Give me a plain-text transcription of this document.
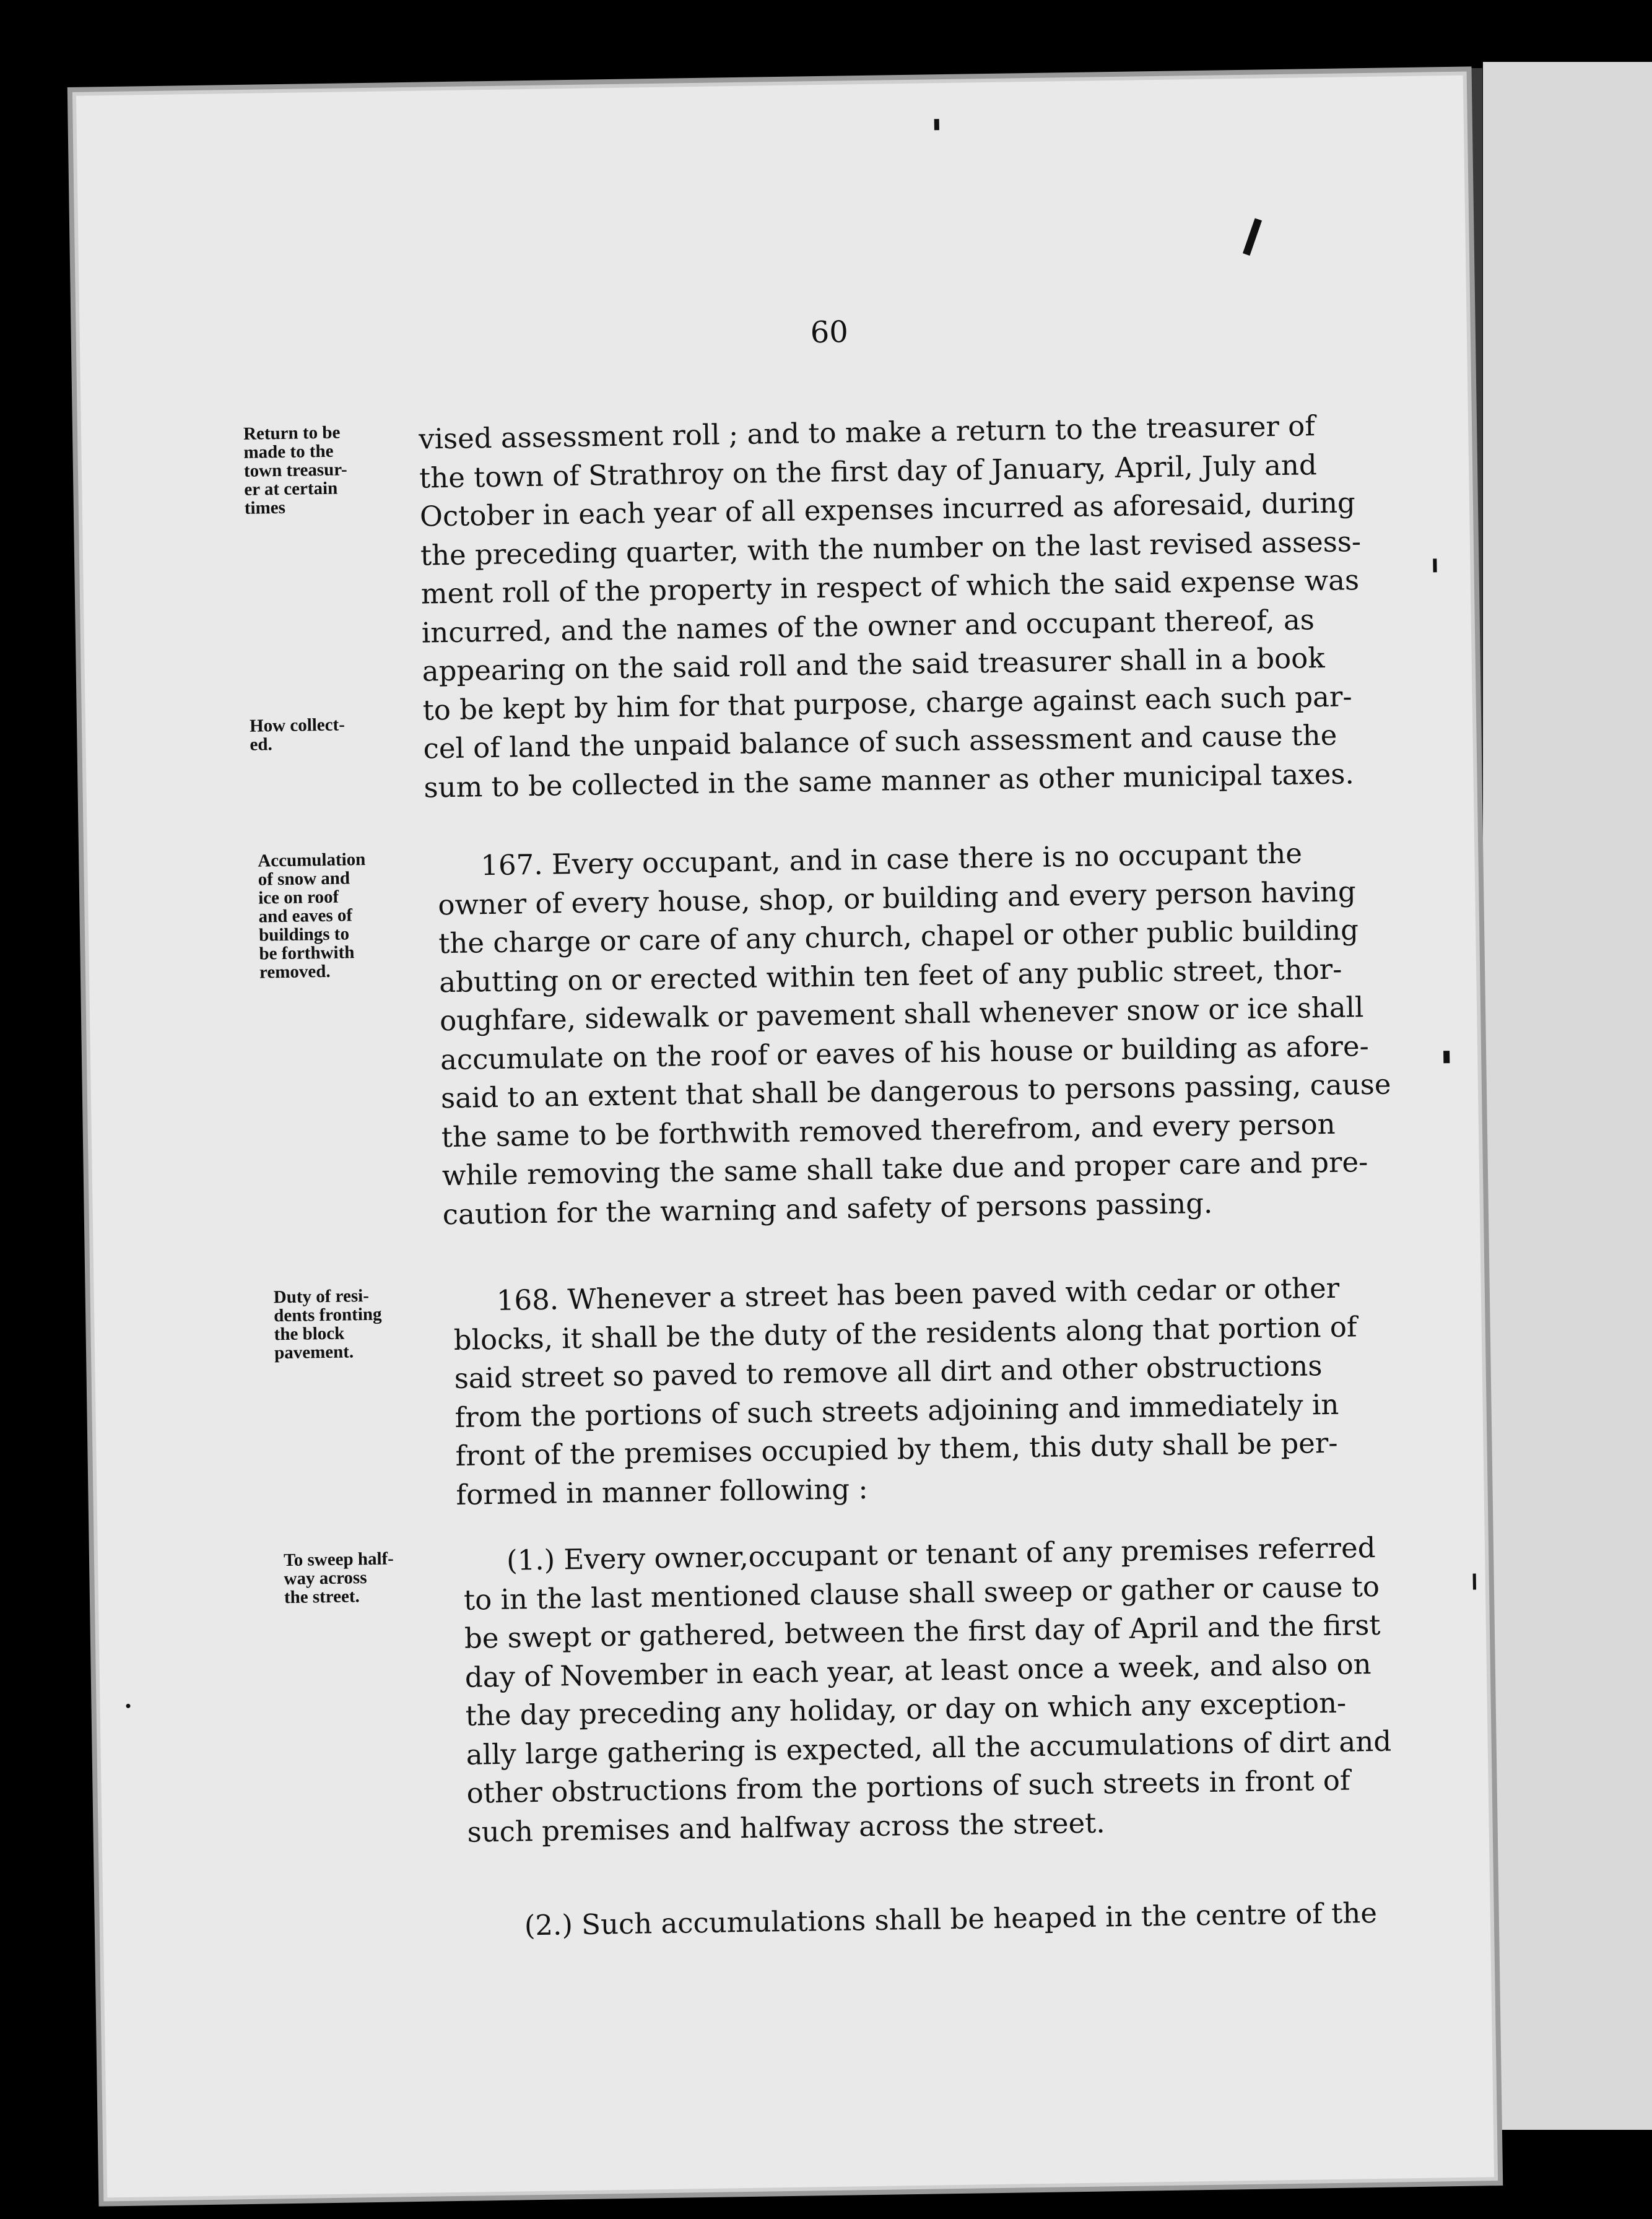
60
Return to be
made to the
town treasur-
er at certain
times
vised assessment roll ; and to make a return to the treasurer of
the town of Strathroy on the first day of January, April, July and
October in each year of all expenses incurred as aforesaid, during
the preceding quarter, with the number on the last revised assess-
ment roll of the property in respect of which the said expense was
incurred, and the names of the owner and occupant thereof, as
appearing on the said roll and the said treasurer shall in a book
to be kept by him for that purpose, charge against each such par-
cel of land the unpaid balance of such assessment and cause the
sum to be collected in the same manner as other municipal taxes.
How collect-
ed.
Accumulation
of snow and
ice on roof
and eaves of
buildings to
be forthwith
removed.
167. Every occupant, and in case there is no occupant the
owner of every house, shop, or building and every person having
the charge or care of any church, chapel or other public building
abutting on or erected within ten feet of any public street, thor-
oughfare, sidewalk or pavement shall whenever snow or ice shall
accumulate on the roof or eaves of his house or building as afore-
said to an extent that shall be dangerous to persons passing, cause
the same to be forthwith removed therefrom, and every person
while removing the same shall take due and proper care and pre-
caution for the warning and safety of persons passing.
Duty of resi-
dents fronting
the block
pavement.
168. Whenever a street has been paved with cedar or other
blocks, it shall be the duty of the residents along that portion of
said street so paved to remove all dirt and other obstructions
from the portions of such streets adjoining and immediately in
front of the premises occupied by them, this duty shall be per-
formed in manner following :
To sweep half-
way across
the street.
(1.) Every owner,occupant or tenant of any premises referred
to in the last mentioned clause shall sweep or gather or cause to
be swept or gathered, between the first day of April and the first
day of November in each year, at least once a week, and also on
the day preceding any holiday, or day on which any exception-
ally large gathering is expected, all the accumulations of dirt and
other obstructions from the portions of such streets in front of
such premises and halfway across the street.
(2.) Such accumulations shall be heaped in the centre of the
